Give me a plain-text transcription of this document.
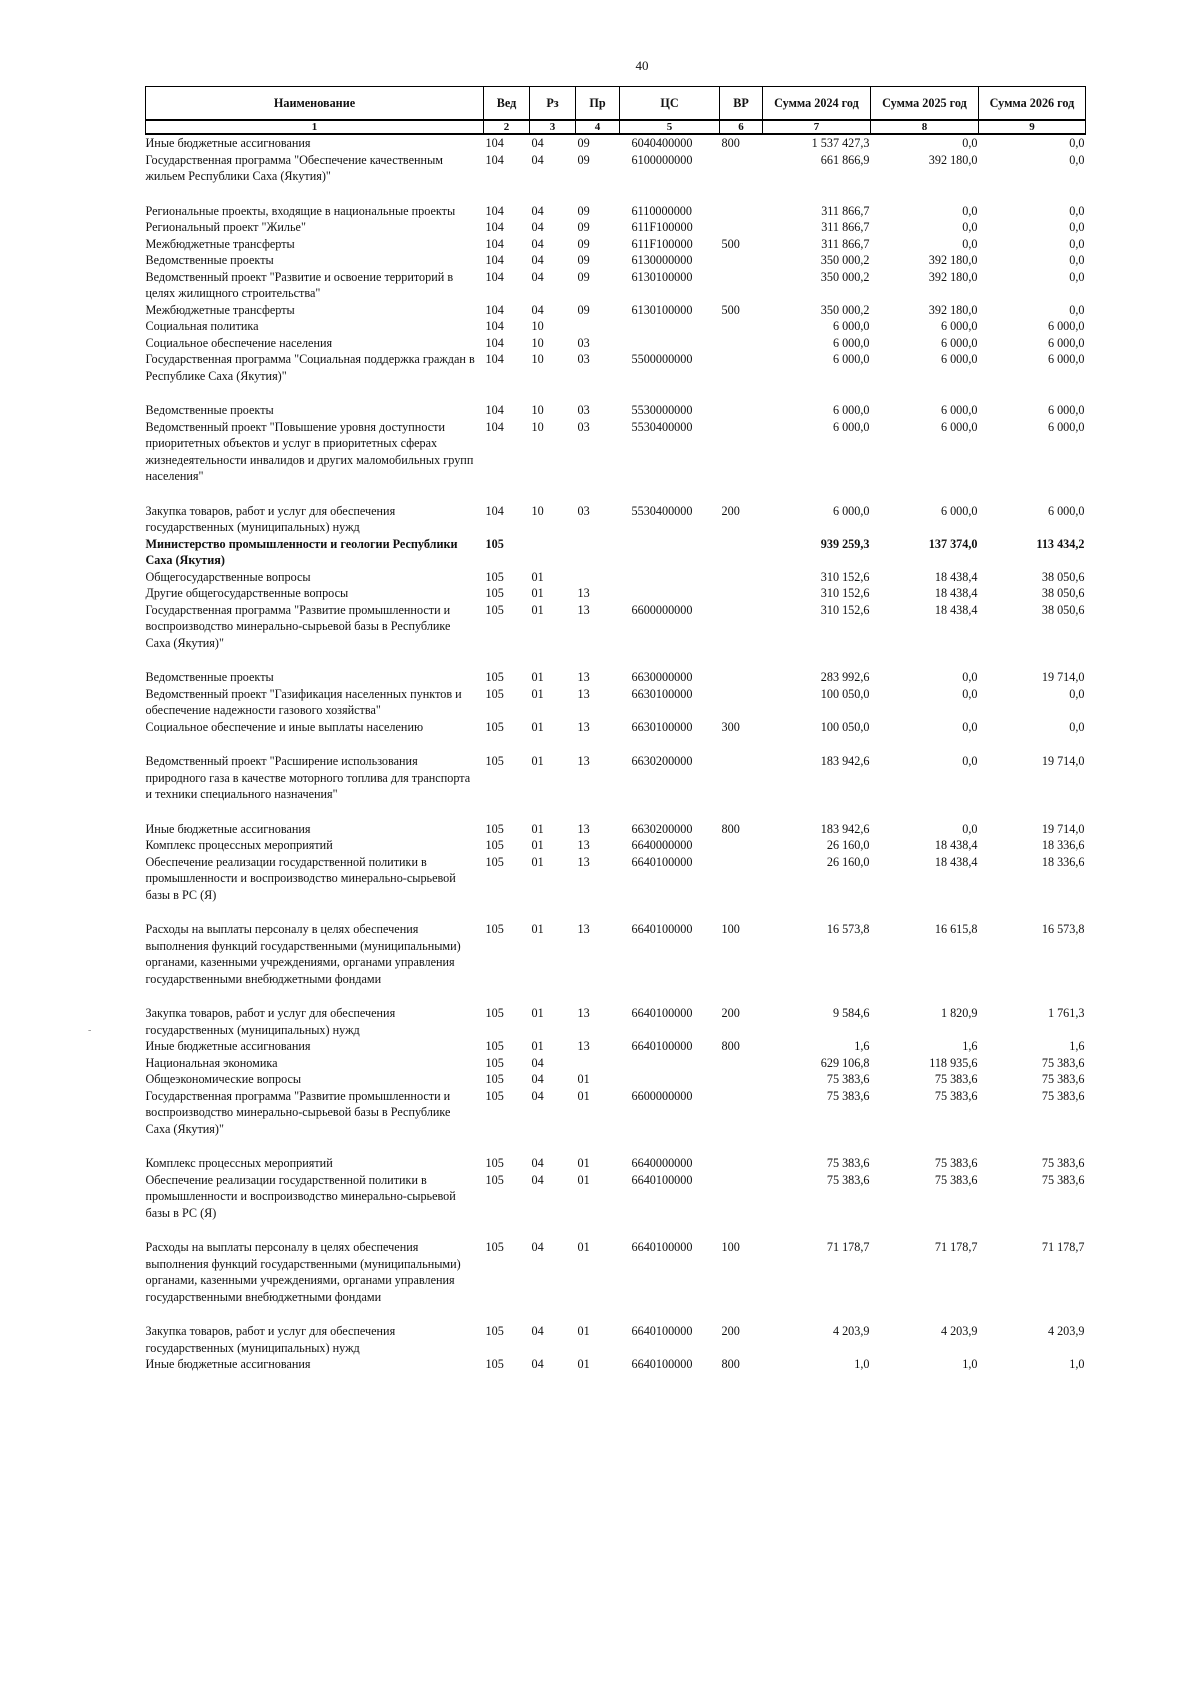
40
-
Наименование	Вед	Рз	Пр	ЦС	ВР	Сумма 2024 год	Сумма 2025 год	Сумма 2026 год
1	2	3	4	5	6	7	8	9
Иные бюджетные ассигнования	104	04	09	6040400000	800	1 537 427,3	0,0	0,0
Государственная программа "Обеспечение качественным жильем Республики Саха (Якутия)"	104	04	09	6100000000		661 866,9	392 180,0	0,0
Региональные проекты, входящие в национальные проекты	104	04	09	6110000000		311 866,7	0,0	0,0
Региональный проект "Жилье"	104	04	09	611F100000		311 866,7	0,0	0,0
Межбюджетные трансферты	104	04	09	611F100000	500	311 866,7	0,0	0,0
Ведомственные проекты	104	04	09	6130000000		350 000,2	392 180,0	0,0
Ведомственный проект "Развитие и освоение территорий в целях жилищного строительства"	104	04	09	6130100000		350 000,2	392 180,0	0,0
Межбюджетные трансферты	104	04	09	6130100000	500	350 000,2	392 180,0	0,0
Социальная политика	104	10				6 000,0	6 000,0	6 000,0
Социальное обеспечение населения	104	10	03			6 000,0	6 000,0	6 000,0
Государственная программа "Социальная поддержка граждан в Республике Саха (Якутия)"	104	10	03	5500000000		6 000,0	6 000,0	6 000,0
Ведомственные проекты	104	10	03	5530000000		6 000,0	6 000,0	6 000,0
Ведомственный проект "Повышение уровня доступности приоритетных объектов и услуг в приоритетных сферах жизнедеятельности инвалидов и других маломобильных групп населения"	104	10	03	5530400000		6 000,0	6 000,0	6 000,0
Закупка товаров, работ и услуг для обеспечения государственных (муниципальных) нужд	104	10	03	5530400000	200	6 000,0	6 000,0	6 000,0
Министерство промышленности и геологии Республики Саха (Якутия)	105					939 259,3	137 374,0	113 434,2
Общегосударственные вопросы	105	01				310 152,6	18 438,4	38 050,6
Другие общегосударственные вопросы	105	01	13			310 152,6	18 438,4	38 050,6
Государственная программа "Развитие промышленности и воспроизводство минерально-сырьевой базы в Республике Саха (Якутия)"	105	01	13	6600000000		310 152,6	18 438,4	38 050,6
Ведомственные проекты	105	01	13	6630000000		283 992,6	0,0	19 714,0
Ведомственный проект "Газификация населенных пунктов и обеспечение надежности газового хозяйства"	105	01	13	6630100000		100 050,0	0,0	0,0
Социальное обеспечение и иные выплаты населению	105	01	13	6630100000	300	100 050,0	0,0	0,0
Ведомственный проект "Расширение использования природного газа в качестве моторного топлива для транспорта и техники специального назначения"	105	01	13	6630200000		183 942,6	0,0	19 714,0
Иные бюджетные ассигнования	105	01	13	6630200000	800	183 942,6	0,0	19 714,0
Комплекс процессных мероприятий	105	01	13	6640000000		26 160,0	18 438,4	18 336,6
Обеспечение реализации государственной политики в промышленности и воспроизводство минерально-сырьевой базы в РС (Я)	105	01	13	6640100000		26 160,0	18 438,4	18 336,6
Расходы на выплаты персоналу в целях обеспечения выполнения функций государственными (муниципальными) органами, казенными учреждениями, органами управления государственными внебюджетными фондами	105	01	13	6640100000	100	16 573,8	16 615,8	16 573,8
Закупка товаров, работ и услуг для обеспечения государственных (муниципальных) нужд	105	01	13	6640100000	200	9 584,6	1 820,9	1 761,3
Иные бюджетные ассигнования	105	01	13	6640100000	800	1,6	1,6	1,6
Национальная экономика	105	04				629 106,8	118 935,6	75 383,6
Общеэкономические вопросы	105	04	01			75 383,6	75 383,6	75 383,6
Государственная программа "Развитие промышленности и воспроизводство минерально-сырьевой базы в Республике Саха (Якутия)"	105	04	01	6600000000		75 383,6	75 383,6	75 383,6
Комплекс процессных мероприятий	105	04	01	6640000000		75 383,6	75 383,6	75 383,6
Обеспечение реализации государственной политики в промышленности и воспроизводство минерально-сырьевой базы в РС (Я)	105	04	01	6640100000		75 383,6	75 383,6	75 383,6
Расходы на выплаты персоналу в целях обеспечения выполнения функций государственными (муниципальными) органами, казенными учреждениями, органами управления государственными внебюджетными фондами	105	04	01	6640100000	100	71 178,7	71 178,7	71 178,7
Закупка товаров, работ и услуг для обеспечения государственных (муниципальных) нужд	105	04	01	6640100000	200	4 203,9	4 203,9	4 203,9
Иные бюджетные ассигнования	105	04	01	6640100000	800	1,0	1,0	1,0
